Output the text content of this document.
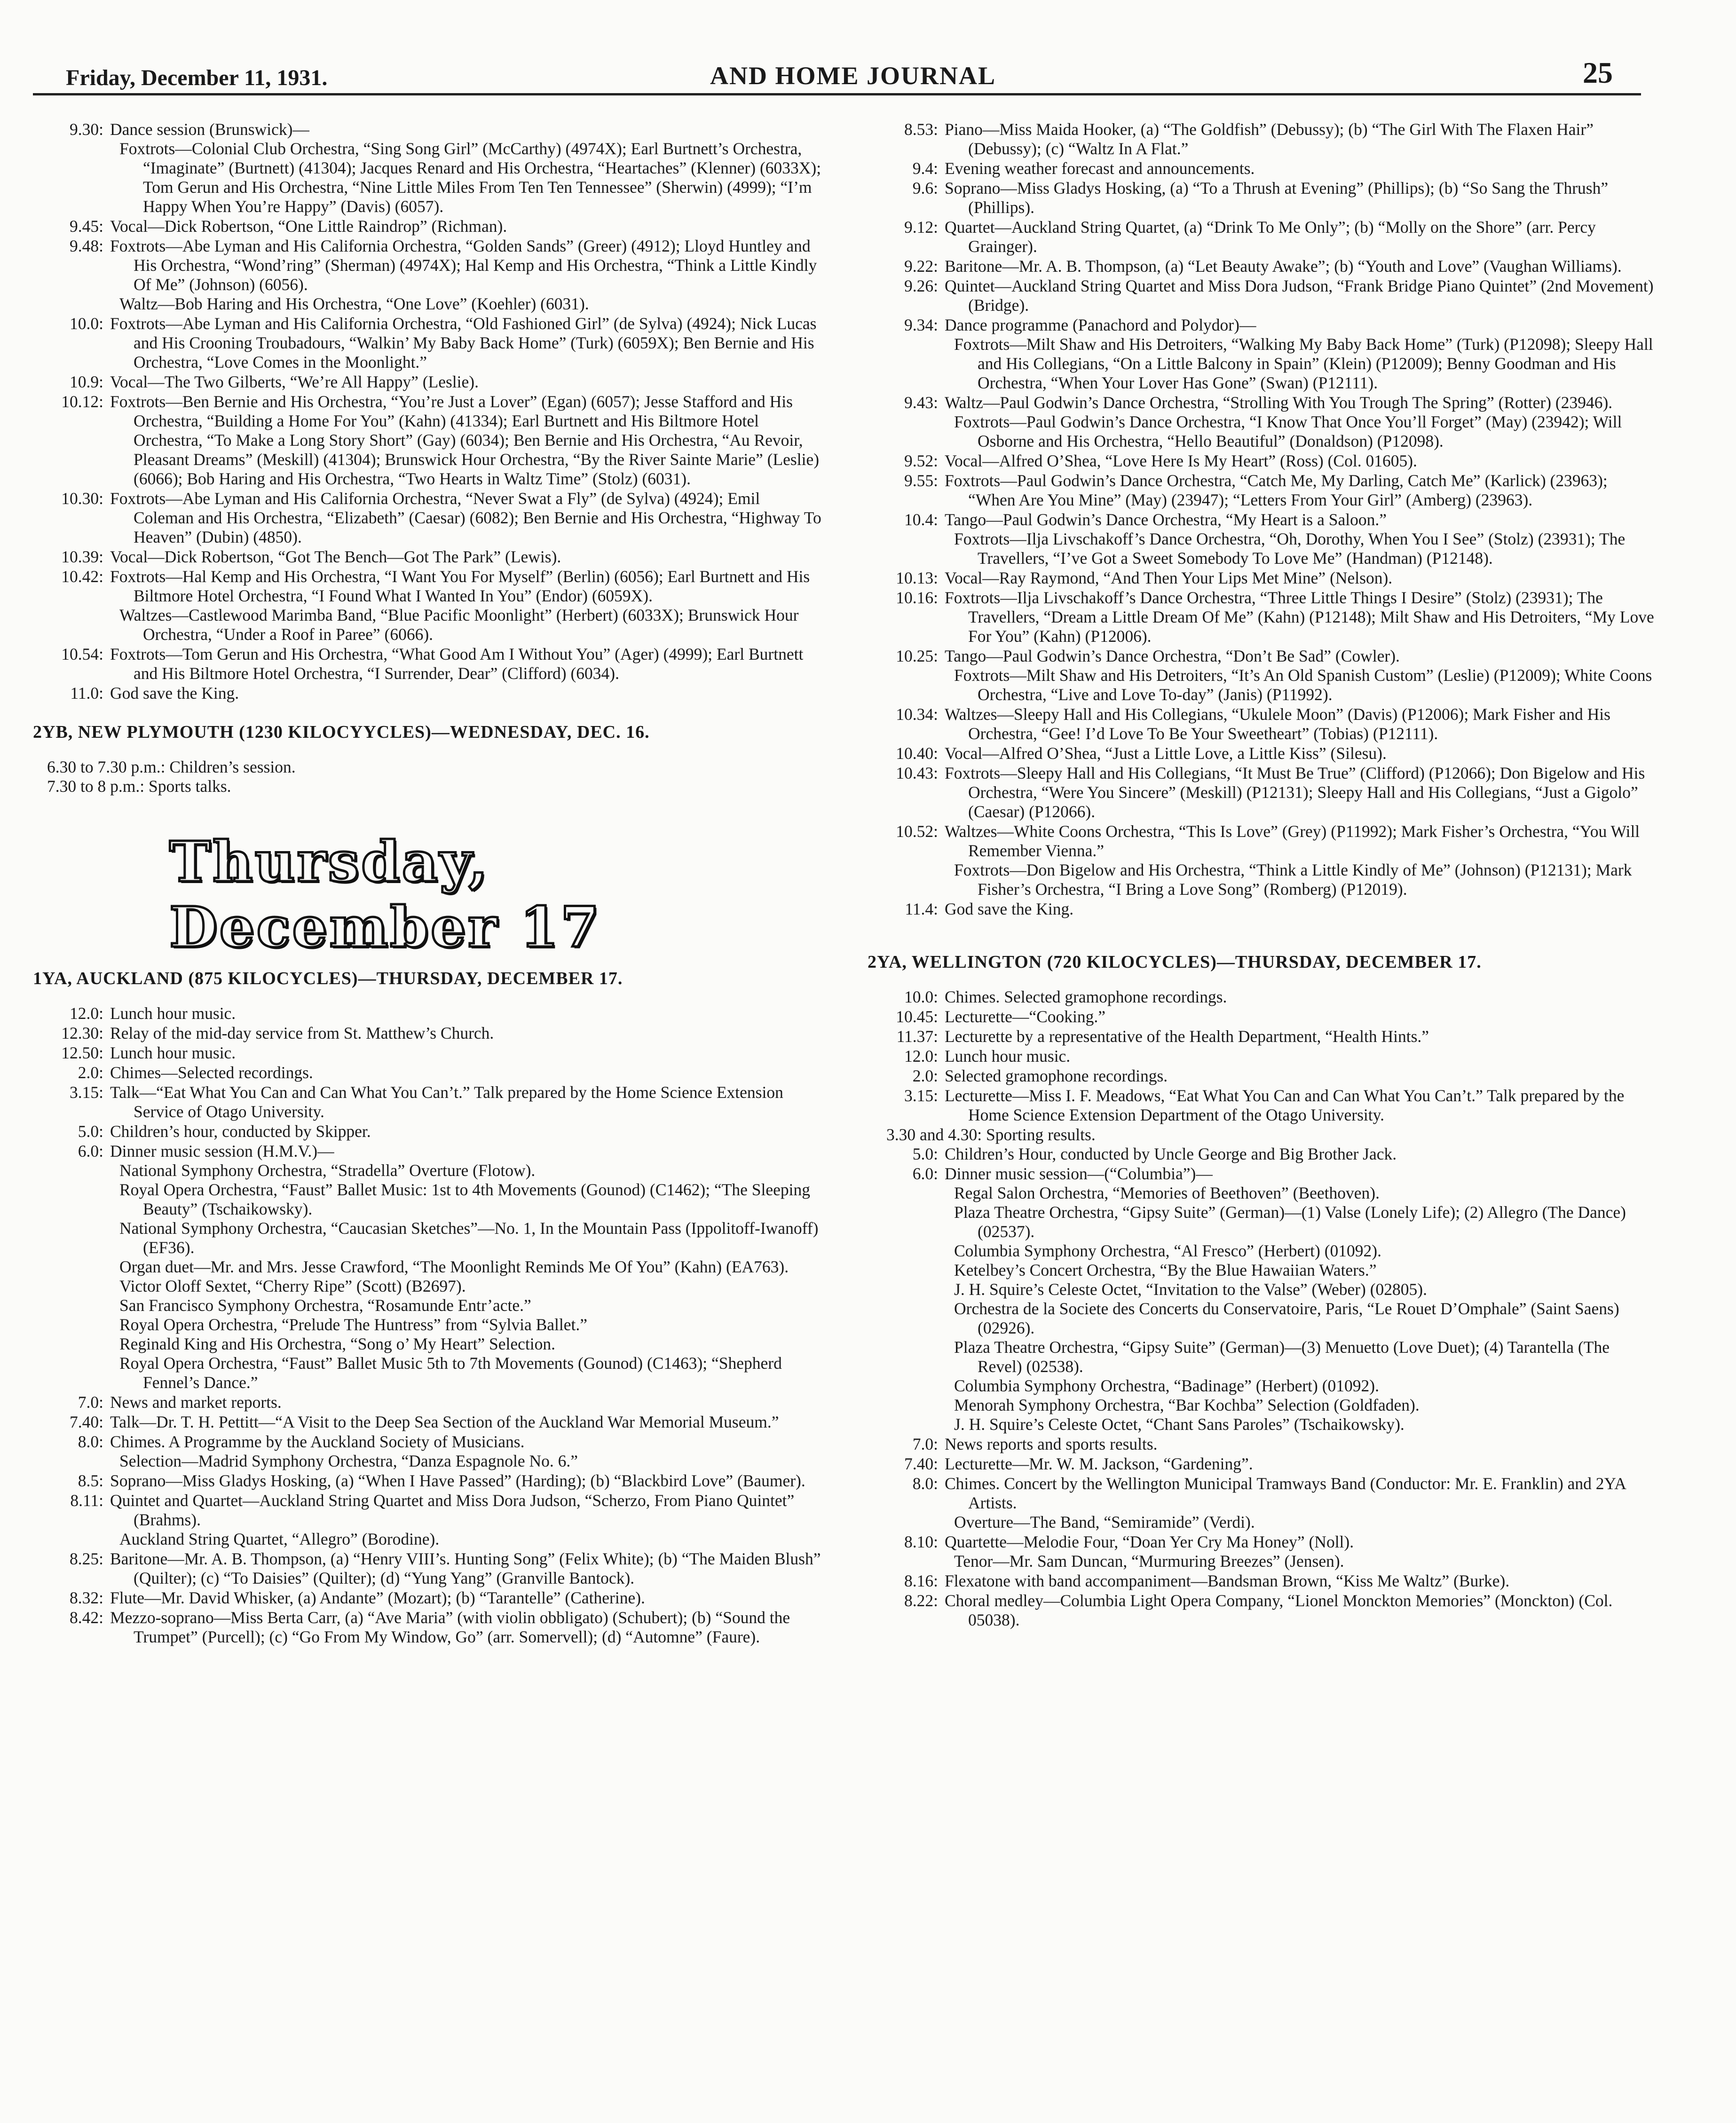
Friday, December 11, 1931.	AND HOME JOURNAL	25
9.30: Dance session (Brunswick)—
Foxtrots—Colonial Club Orchestra, “Sing Song Girl” (McCarthy) (4974X); Earl Burtnett’s Orchestra, “Imaginate” (Burtnett) (41304); Jacques Renard and His Orchestra, “Heartaches” (Klenner) (6033X); Tom Gerun and His Orchestra, “Nine Little Miles From Ten Ten Tennessee” (Sherwin) (4999); “I’m Happy When You’re Happy” (Davis) (6057).
9.45: Vocal—Dick Robertson, “One Little Raindrop” (Richman).
9.48: Foxtrots—Abe Lyman and His California Orchestra, “Golden Sands” (Greer) (4912); Lloyd Huntley and His Orchestra, “Wond’ring” (Sherman) (4974X); Hal Kemp and His Orchestra, “Think a Little Kindly Of Me” (Johnson) (6056).
Waltz—Bob Haring and His Orchestra, “One Love” (Koehler) (6031).
10.0: Foxtrots—Abe Lyman and His California Orchestra, “Old Fashioned Girl” (de Sylva) (4924); Nick Lucas and His Crooning Troubadours, “Walkin’ My Baby Back Home” (Turk) (6059X); Ben Bernie and His Orchestra, “Love Comes in the Moonlight.”
10.9: Vocal—The Two Gilberts, “We’re All Happy” (Leslie).
10.12: Foxtrots—Ben Bernie and His Orchestra, “You’re Just a Lover” (Egan) (6057); Jesse Stafford and His Orchestra, “Building a Home For You” (Kahn) (41334); Earl Burtnett and His Biltmore Hotel Orchestra, “To Make a Long Story Short” (Gay) (6034); Ben Bernie and His Orchestra, “Au Revoir, Pleasant Dreams” (Meskill) (41304); Brunswick Hour Orchestra, “By the River Sainte Marie” (Leslie) (6066); Bob Haring and His Orchestra, “Two Hearts in Waltz Time” (Stolz) (6031).
10.30: Foxtrots—Abe Lyman and His California Orchestra, “Never Swat a Fly” (de Sylva) (4924); Emil Coleman and His Orchestra, “Elizabeth” (Caesar) (6082); Ben Bernie and His Orchestra, “Highway To Heaven” (Dubin) (4850).
10.39: Vocal—Dick Robertson, “Got The Bench—Got The Park” (Lewis).
10.42: Foxtrots—Hal Kemp and His Orchestra, “I Want You For Myself” (Berlin) (6056); Earl Burtnett and His Biltmore Hotel Orchestra, “I Found What I Wanted In You” (Endor) (6059X).
Waltzes—Castlewood Marimba Band, “Blue Pacific Moonlight” (Herbert) (6033X); Brunswick Hour Orchestra, “Under a Roof in Paree” (6066).
10.54: Foxtrots—Tom Gerun and His Orchestra, “What Good Am I Without You” (Ager) (4999); Earl Burtnett and His Biltmore Hotel Orchestra, “I Surrender, Dear” (Clifford) (6034).
11.0: God save the King.
2YB, NEW PLYMOUTH (1230 KILOCYYCLES)—WEDNESDAY, DEC. 16.
6.30 to 7.30 p.m.: Children’s session.
7.30 to 8 p.m.: Sports talks.
Thursday, December 17
1YA, AUCKLAND (875 KILOCYCLES)—THURSDAY, DECEMBER 17.
12.0: Lunch hour music.
12.30: Relay of the mid-day service from St. Matthew’s Church.
12.50: Lunch hour music.
2.0: Chimes—Selected recordings.
3.15: Talk—“Eat What You Can and Can What You Can’t.” Talk prepared by the Home Science Extension Service of Otago University.
5.0: Children’s hour, conducted by Skipper.
6.0: Dinner music session (H.M.V.)—
National Symphony Orchestra, “Stradella” Overture (Flotow).
Royal Opera Orchestra, “Faust” Ballet Music: 1st to 4th Movements (Gounod) (C1462); “The Sleeping Beauty” (Tschaikowsky).
National Symphony Orchestra, “Caucasian Sketches”—No. 1, In the Mountain Pass (Ippolitoff-Iwanoff) (EF36).
Organ duet—Mr. and Mrs. Jesse Crawford, “The Moonlight Reminds Me Of You” (Kahn) (EA763).
Victor Oloff Sextet, “Cherry Ripe” (Scott) (B2697).
San Francisco Symphony Orchestra, “Rosamunde Entr’acte.”
Royal Opera Orchestra, “Prelude The Huntress” from “Sylvia Ballet.”
Reginald King and His Orchestra, “Song o’ My Heart” Selection.
Royal Opera Orchestra, “Faust” Ballet Music 5th to 7th Movements (Gounod) (C1463); “Shepherd Fennel’s Dance.”
7.0: News and market reports.
7.40: Talk—Dr. T. H. Pettitt—“A Visit to the Deep Sea Section of the Auckland War Memorial Museum.”
8.0: Chimes. A Programme by the Auckland Society of Musicians.
Selection—Madrid Symphony Orchestra, “Danza Espagnole No. 6.”
8.5: Soprano—Miss Gladys Hosking, (a) “When I Have Passed” (Harding); (b) “Blackbird Love” (Baumer).
8.11: Quintet and Quartet—Auckland String Quartet and Miss Dora Judson, “Scherzo, From Piano Quintet” (Brahms).
Auckland String Quartet, “Allegro” (Borodine).
8.25: Baritone—Mr. A. B. Thompson, (a) “Henry VIII’s. Hunting Song” (Felix White); (b) “The Maiden Blush” (Quilter); (c) “To Daisies” (Quilter); (d) “Yung Yang” (Granville Bantock).
8.32: Flute—Mr. David Whisker, (a) Andante” (Mozart); (b) “Tarantelle” (Catherine).
8.42: Mezzo-soprano—Miss Berta Carr, (a) “Ave Maria” (with violin obbligato) (Schubert); (b) “Sound the Trumpet” (Purcell); (c) “Go From My Window, Go” (arr. Somervell); (d) “Automne” (Faure).
8.53: Piano—Miss Maida Hooker, (a) “The Goldfish” (Debussy); (b) “The Girl With The Flaxen Hair” (Debussy); (c) “Waltz In A Flat.”
9.4: Evening weather forecast and announcements.
9.6: Soprano—Miss Gladys Hosking, (a) “To a Thrush at Evening” (Phillips); (b) “So Sang the Thrush” (Phillips).
9.12: Quartet—Auckland String Quartet, (a) “Drink To Me Only”; (b) “Molly on the Shore” (arr. Percy Grainger).
9.22: Baritone—Mr. A. B. Thompson, (a) “Let Beauty Awake”; (b) “Youth and Love” (Vaughan Williams).
9.26: Quintet—Auckland String Quartet and Miss Dora Judson, “Frank Bridge Piano Quintet” (2nd Movement) (Bridge).
9.34: Dance programme (Panachord and Polydor)—
Foxtrots—Milt Shaw and His Detroiters, “Walking My Baby Back Home” (Turk) (P12098); Sleepy Hall and His Collegians, “On a Little Balcony in Spain” (Klein) (P12009); Benny Goodman and His Orchestra, “When Your Lover Has Gone” (Swan) (P12111).
9.43: Waltz—Paul Godwin’s Dance Orchestra, “Strolling With You Trough The Spring” (Rotter) (23946).
Foxtrots—Paul Godwin’s Dance Orchestra, “I Know That Once You’ll Forget” (May) (23942); Will Osborne and His Orchestra, “Hello Beautiful” (Donaldson) (P12098).
9.52: Vocal—Alfred O’Shea, “Love Here Is My Heart” (Ross) (Col. 01605).
9.55: Foxtrots—Paul Godwin’s Dance Orchestra, “Catch Me, My Darling, Catch Me” (Karlick) (23963); “When Are You Mine” (May) (23947); “Letters From Your Girl” (Amberg) (23963).
10.4: Tango—Paul Godwin’s Dance Orchestra, “My Heart is a Saloon.”
Foxtrots—Ilja Livschakoff’s Dance Orchestra, “Oh, Dorothy, When You I See” (Stolz) (23931); The Travellers, “I’ve Got a Sweet Somebody To Love Me” (Handman) (P12148).
10.13: Vocal—Ray Raymond, “And Then Your Lips Met Mine” (Nelson).
10.16: Foxtrots—Ilja Livschakoff’s Dance Orchestra, “Three Little Things I Desire” (Stolz) (23931); The Travellers, “Dream a Little Dream Of Me” (Kahn) (P12148); Milt Shaw and His Detroiters, “My Love For You” (Kahn) (P12006).
10.25: Tango—Paul Godwin’s Dance Orchestra, “Don’t Be Sad” (Cowler).
Foxtrots—Milt Shaw and His Detroiters, “It’s An Old Spanish Custom” (Leslie) (P12009); White Coons Orchestra, “Live and Love To-day” (Janis) (P11992).
10.34: Waltzes—Sleepy Hall and His Collegians, “Ukulele Moon” (Davis) (P12006); Mark Fisher and His Orchestra, “Gee! I’d Love To Be Your Sweetheart” (Tobias) (P12111).
10.40: Vocal—Alfred O’Shea, “Just a Little Love, a Little Kiss” (Silesu).
10.43: Foxtrots—Sleepy Hall and His Collegians, “It Must Be True” (Clifford) (P12066); Don Bigelow and His Orchestra, “Were You Sincere” (Meskill) (P12131); Sleepy Hall and His Collegians, “Just a Gigolo” (Caesar) (P12066).
10.52: Waltzes—White Coons Orchestra, “This Is Love” (Grey) (P11992); Mark Fisher’s Orchestra, “You Will Remember Vienna.”
Foxtrots—Don Bigelow and His Orchestra, “Think a Little Kindly of Me” (Johnson) (P12131); Mark Fisher’s Orchestra, “I Bring a Love Song” (Romberg) (P12019).
11.4: God save the King.
2YA, WELLINGTON (720 KILOCYCLES)—THURSDAY, DECEMBER 17.
10.0: Chimes. Selected gramophone recordings.
10.45: Lecturette—“Cooking.”
11.37: Lecturette by a representative of the Health Department, “Health Hints.”
12.0: Lunch hour music.
2.0: Selected gramophone recordings.
3.15: Lecturette—Miss I. F. Meadows, “Eat What You Can and Can What You Can’t.” Talk prepared by the Home Science Extension Department of the Otago University.
3.30 and 4.30: Sporting results.
5.0: Children’s Hour, conducted by Uncle George and Big Brother Jack.
6.0: Dinner music session—(“Columbia”)—
Regal Salon Orchestra, “Memories of Beethoven” (Beethoven).
Plaza Theatre Orchestra, “Gipsy Suite” (German)—(1) Valse (Lonely Life); (2) Allegro (The Dance) (02537).
Columbia Symphony Orchestra, “Al Fresco” (Herbert) (01092).
Ketelbey’s Concert Orchestra, “By the Blue Hawaiian Waters.”
J. H. Squire’s Celeste Octet, “Invitation to the Valse” (Weber) (02805).
Orchestra de la Societe des Concerts du Conservatoire, Paris, “Le Rouet D’Omphale” (Saint Saens) (02926).
Plaza Theatre Orchestra, “Gipsy Suite” (German)—(3) Menuetto (Love Duet); (4) Tarantella (The Revel) (02538).
Columbia Symphony Orchestra, “Badinage” (Herbert) (01092).
Menorah Symphony Orchestra, “Bar Kochba” Selection (Goldfaden).
J. H. Squire’s Celeste Octet, “Chant Sans Paroles” (Tschaikowsky).
7.0: News reports and sports results.
7.40: Lecturette—Mr. W. M. Jackson, “Gardening”.
8.0: Chimes. Concert by the Wellington Municipal Tramways Band (Conductor: Mr. E. Franklin) and 2YA Artists.
Overture—The Band, “Semiramide” (Verdi).
8.10: Quartette—Melodie Four, “Doan Yer Cry Ma Honey” (Noll).
Tenor—Mr. Sam Duncan, “Murmuring Breezes” (Jensen).
8.16: Flexatone with band accompaniment—Bandsman Brown, “Kiss Me Waltz” (Burke).
8.22: Choral medley—Columbia Light Opera Company, “Lionel Monckton Memories” (Monckton) (Col. 05038).
